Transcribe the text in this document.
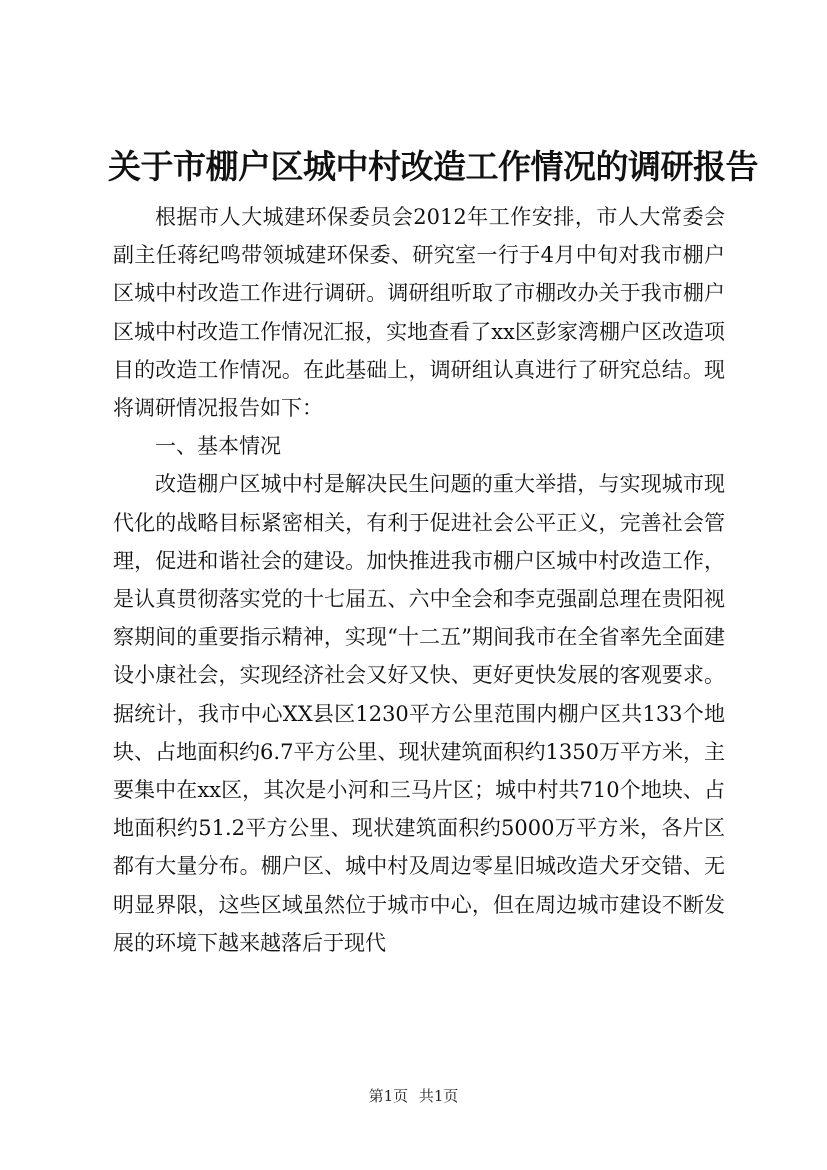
关于市棚户区城中村改造工作情况的调研报告

根据市人大城建环保委员会2012年工作安排，市人大常委会副主任蒋纪鸣带领城建环保委、研究室一行于4月中旬对我市棚户区城中村改造工作进行调研。调研组听取了市棚改办关于我市棚户区城中村改造工作情况汇报，实地查看了xx区彭家湾棚户区改造项目的改造工作情况。在此基础上，调研组认真进行了研究总结。现将调研情况报告如下：

一、基本情况

改造棚户区城中村是解决民生问题的重大举措，与实现城市现代化的战略目标紧密相关，有利于促进社会公平正义，完善社会管理，促进和谐社会的建设。加快推进我市棚户区城中村改造工作，是认真贯彻落实党的十七届五、六中全会和李克强副总理在贵阳视察期间的重要指示精神，实现“十二五”期间我市在全省率先全面建设小康社会，实现经济社会又好又快、更好更快发展的客观要求。据统计，我市中心XX县区1230平方公里范围内棚户区共133个地块、占地面积约6.7平方公里、现状建筑面积约1350万平方米，主要集中在xx区，其次是小河和三马片区；城中村共710个地块、占地面积约51.2平方公里、现状建筑面积约5000万平方米，各片区都有大量分布。棚户区、城中村及周边零星旧城改造犬牙交错、无明显界限，这些区域虽然位于城市中心，但在周边城市建设不断发展的环境下越来越落后于现代

第1页 共1页
